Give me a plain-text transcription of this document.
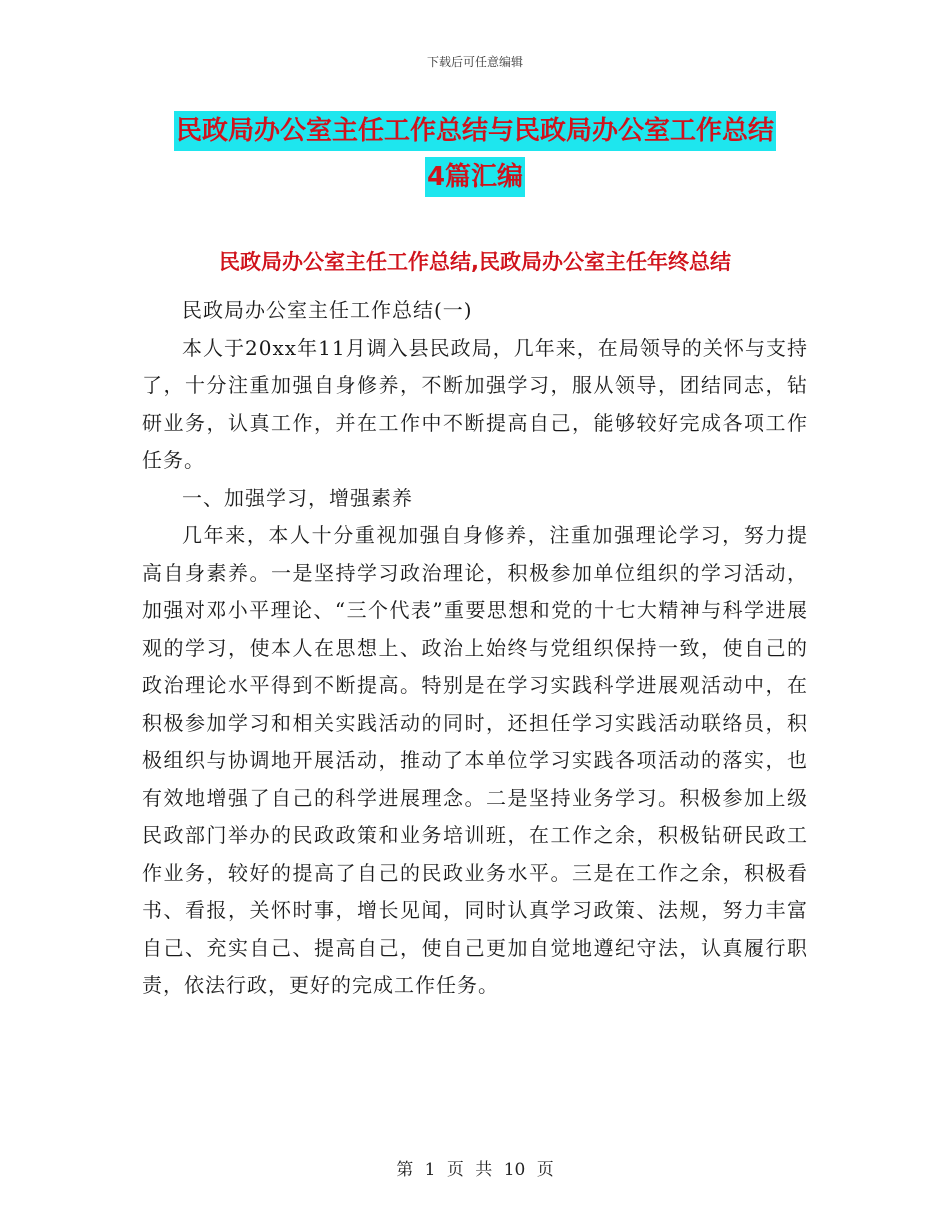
下载后可任意编辑
民政局办公室主任工作总结与民政局办公室工作总结
4篇汇编
民政局办公室主任工作总结,民政局办公室主任年终总结

民政局办公室主任工作总结(一)

本人于20xx年11月调入县民政局，几年来，在局领导的关怀与支持了，十分注重加强自身修养，不断加强学习，服从领导，团结同志，钻研业务，认真工作，并在工作中不断提高自己，能够较好完成各项工作任务。

一、加强学习，增强素养

几年来，本人十分重视加强自身修养，注重加强理论学习，努力提高自身素养。一是坚持学习政治理论，积极参加单位组织的学习活动，加强对邓小平理论、“三个代表”重要思想和党的十七大精神与科学进展观的学习，使本人在思想上、政治上始终与党组织保持一致，使自己的政治理论水平得到不断提高。特别是在学习实践科学进展观活动中，在积极参加学习和相关实践活动的同时，还担任学习实践活动联络员，积极组织与协调地开展活动，推动了本单位学习实践各项活动的落实，也有效地增强了自己的科学进展理念。二是坚持业务学习。积极参加上级民政部门举办的民政政策和业务培训班，在工作之余，积极钻研民政工作业务，较好的提高了自己的民政业务水平。三是在工作之余，积极看书、看报，关怀时事，增长见闻，同时认真学习政策、法规，努力丰富自己、充实自己、提高自己，使自己更加自觉地遵纪守法，认真履行职责，依法行政，更好的完成工作任务。

第 1 页 共 10 页
